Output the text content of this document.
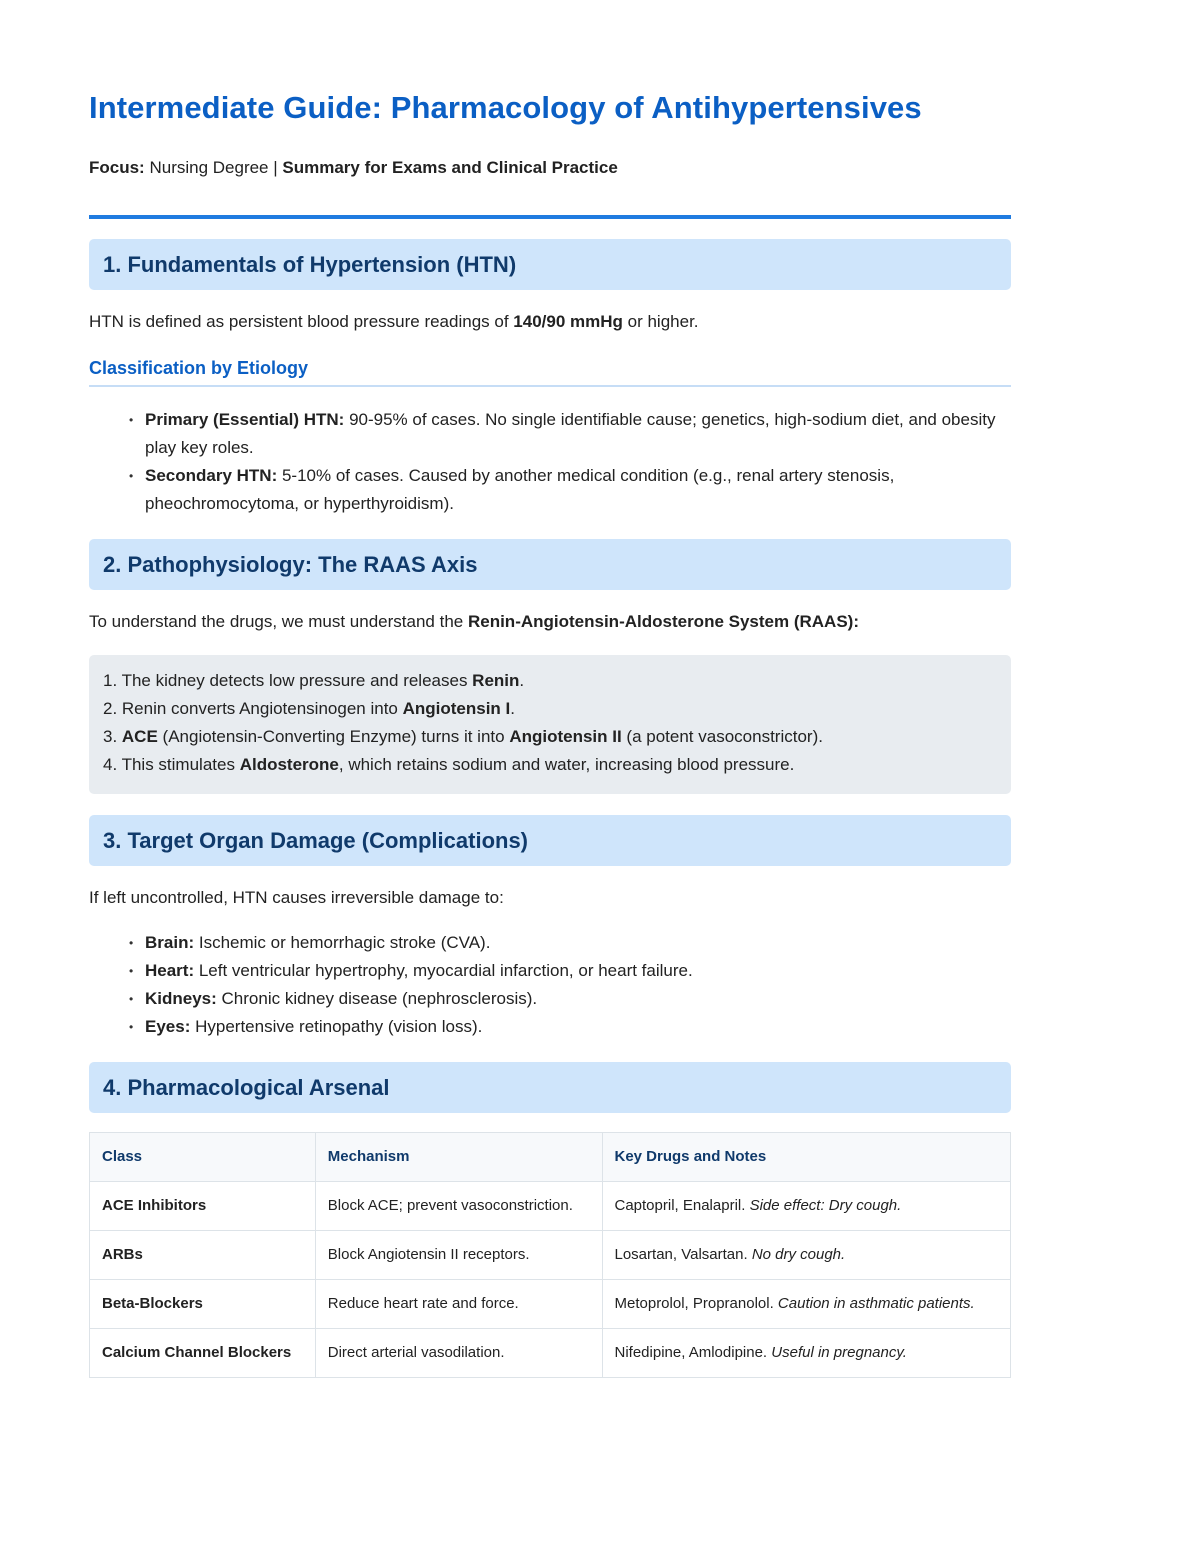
Intermediate Guide: Pharmacology of Antihypertensives
Focus: Nursing Degree | Summary for Exams and Clinical Practice
1. Fundamentals of Hypertension (HTN)
HTN is defined as persistent blood pressure readings of 140/90 mmHg or higher.
Classification by Etiology
• Primary (Essential) HTN: 90-95% of cases. No single identifiable cause; genetics, high-sodium diet, and obesity play key roles.
• Secondary HTN: 5-10% of cases. Caused by another medical condition (e.g., renal artery stenosis, pheochromocytoma, or hyperthyroidism).
2. Pathophysiology: The RAAS Axis
To understand the drugs, we must understand the Renin-Angiotensin-Aldosterone System (RAAS):
1. The kidney detects low pressure and releases Renin.
2. Renin converts Angiotensinogen into Angiotensin I.
3. ACE (Angiotensin-Converting Enzyme) turns it into Angiotensin II (a potent vasoconstrictor).
4. This stimulates Aldosterone, which retains sodium and water, increasing blood pressure.
3. Target Organ Damage (Complications)
If left uncontrolled, HTN causes irreversible damage to:
• Brain: Ischemic or hemorrhagic stroke (CVA).
• Heart: Left ventricular hypertrophy, myocardial infarction, or heart failure.
• Kidneys: Chronic kidney disease (nephrosclerosis).
• Eyes: Hypertensive retinopathy (vision loss).
4. Pharmacological Arsenal
Class	Mechanism	Key Drugs and Notes
ACE Inhibitors	Block ACE; prevent vasoconstriction.	Captopril, Enalapril. Side effect: Dry cough.
ARBs	Block Angiotensin II receptors.	Losartan, Valsartan. No dry cough.
Beta-Blockers	Reduce heart rate and force.	Metoprolol, Propranolol. Caution in asthmatic patients.
Calcium Channel Blockers	Direct arterial vasodilation.	Nifedipine, Amlodipine. Useful in pregnancy.
